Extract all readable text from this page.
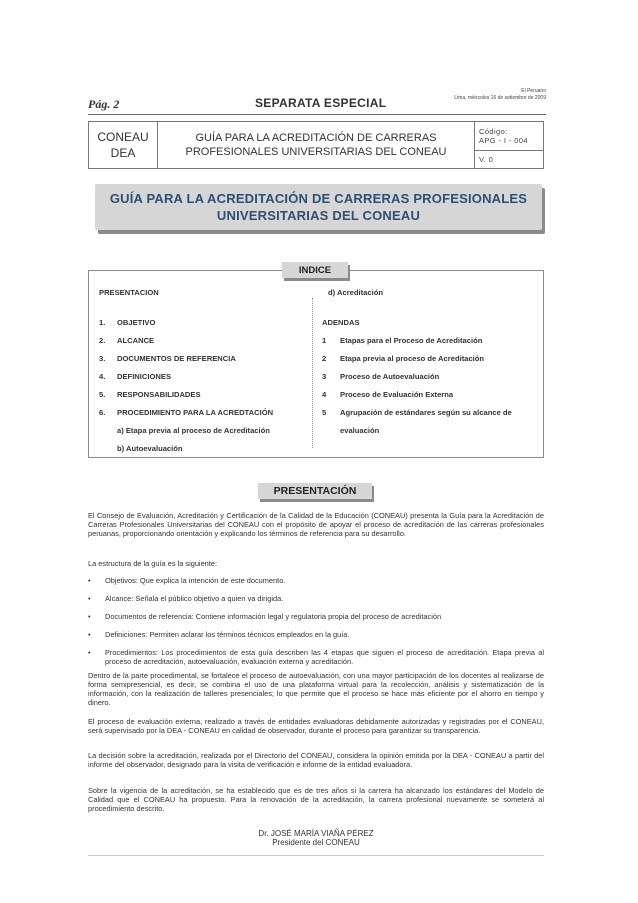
Pág. 2	SEPARATA ESPECIAL
El Peruano
Lima, miércoles 16 de setiembre de 2009
CONEAU
DEA
GUÍA PARA LA ACREDITACIÓN DE CARRERAS
PROFESIONALES UNIVERSITARIAS DEL CONEAU
Código:
APG - I - 004
V. 0
GUÍA PARA LA ACREDITACIÓN DE CARRERAS PROFESIONALES
UNIVERSITARIAS DEL CONEAU
INDICE
PRESENTACION	d) Acreditación
1. OBJETIVO
2. ALCANCE
3. DOCUMENTOS DE REFERENCIA
4. DEFINICIONES
5. RESPONSABILIDADES
6. PROCEDIMIENTO PARA LA ACREDTACIÓN
a) Etapa previa al proceso de Acreditación
b) Autoevaluación
ADENDAS
1 Etapas para el Proceso de Acreditación
2 Etapa previa al proceso de Acreditación
3 Proceso de Autoevaluación
4 Proceso de Evaluación Externa
5 Agrupación de estándares según su alcance de
evaluación
PRESENTACIÓN
El Consejo de Evaluación, Acreditación y Certificación de la Calidad de la Educación (CONEAU) presenta la Guía para la Acreditación de Carreras Profesionales Universitarias del CONEAU con el propósito de apoyar el proceso de acreditación de las carreras profesionales peruanas, proporcionando orientación y explicando los términos de referencia para su desarrollo.
La estructura de la guía es la siguiente:
• Objetivos: Que explica la intención de este documento.
• Alcance: Señala el público objetivo a quien va dirigida.
• Documentos de referencia: Contiene información legal y regulatoria propia del proceso de acreditación
• Definiciones: Permiten aclarar los términos técnicos empleados en la guía.
• Procedimientos: Los procedimientos de esta guía describen las 4 etapas que siguen el proceso de acreditación. Etapa previa al proceso de acreditación, autoevaluación, evaluación externa y acreditación.
Dentro de la parte procedimental, se fortalece el proceso de autoevaluación, con una mayor participación de los docentes al realizarse de forma semipresencial, es decir, se combina el uso de una plataforma virtual para la recolección, análisis y sistematización de la información, con la realización de talleres presenciales; lo que permite que el proceso se hace más eficiente por el ahorro en tiempo y dinero.
El proceso de evaluación externa, realizado a través de entidades evaluadoras debidamente autorizadas y registradas por el CONEAU, será supervisado por la DEA - CONEAU en calidad de observador, durante el proceso para garantizar su transparencia.
La decisión sobre la acreditación, realizada por el Directorio del CONEAU, considera la opinión emitida por la DEA - CONEAU a partir del informe del observador, designado para la visita de verificación e informe de la entidad evaluadora.
Sobre la vigencia de la acreditación, se ha establecido que es de tres años si la carrera ha alcanzado los estándares del Modelo de Calidad que el CONEAU ha propuesto. Para la renovación de la acreditación, la carrera profesional nuevamente se someterá al procedimiento descrito.
Dr. JOSÉ MARÍA VIAÑA PÉREZ
Presidente del CONEAU
